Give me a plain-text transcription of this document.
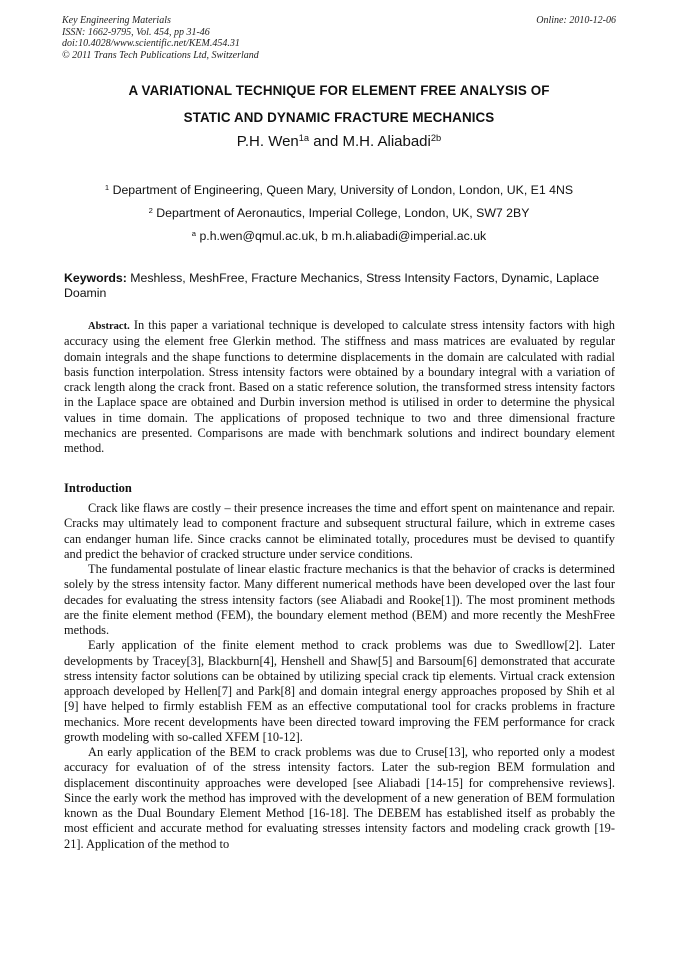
Key Engineering Materials
ISSN: 1662-9795, Vol. 454, pp 31-46
doi:10.4028/www.scientific.net/KEM.454.31
© 2011 Trans Tech Publications Ltd, Switzerland
Online: 2010-12-06
A VARIATIONAL TECHNIQUE FOR ELEMENT FREE ANALYSIS OF
STATIC AND DYNAMIC FRACTURE MECHANICS
P.H. Wen$^{1a}$ and M.H. Aliabadi$^{2b}$
$^1$ Department of Engineering, Queen Mary, University of London, London, UK, E1 4NS
$^2$ Department of Aeronautics, Imperial College, London, UK, SW7 2BY
$^a$ p.h.wen@qmul.ac.uk, b m.h.aliabadi@imperial.ac.uk
Keywords: Meshless, MeshFree, Fracture Mechanics, Stress Intensity Factors, Dynamic, Laplace Doamin
Abstract. In this paper a variational technique is developed to calculate stress intensity factors with high accuracy using the element free Glerkin method. The stiffness and mass matrices are evaluated by regular domain integrals and the shape functions to determine displacements in the domain are calculated with radial basis function interpolation. Stress intensity factors were obtained by a boundary integral with a variation of crack length along the crack front. Based on a static reference solution, the transformed stress intensity factors in the Laplace space are obtained and Durbin inversion method is utilised in order to determine the physical values in time domain. The applications of proposed technique to two and three dimensional fracture mechanics are presented. Comparisons are made with benchmark solutions and indirect boundary element method.
Introduction

Crack like flaws are costly – their presence increases the time and effort spent on maintenance and repair. Cracks may ultimately lead to component fracture and subsequent structural failure, which in extreme cases can endanger human life. Since cracks cannot be eliminated totally, procedures must be devised to quantify and predict the behavior of cracked structure under service conditions.

The fundamental postulate of linear elastic fracture mechanics is that the behavior of cracks is determined solely by the stress intensity factor. Many different numerical methods have been developed over the last four decades for evaluating the stress intensity factors (see Aliabadi and Rooke[1]). The most prominent methods are the finite element method (FEM), the boundary element method (BEM) and more recently the MeshFree methods.

Early application of the finite element method to crack problems was due to Swedllow[2]. Later developments by Tracey[3], Blackburn[4], Henshell and Shaw[5] and Barsoum[6] demonstrated that accurate stress intensity factor solutions can be obtained by utilizing special crack tip elements. Virtual crack extension approach developed by Hellen[7] and Park[8] and domain integral energy approaches proposed by Shih et al [9] have helped to firmly establish FEM as an effective computational tool for cracks problems in fracture mechanics. More recent developments have been directed toward improving the FEM performance for crack growth modeling with so-called XFEM [10-12].

An early application of the BEM to crack problems was due to Cruse[13], who reported only a modest accuracy for evaluation of of the stress intensity factors. Later the sub-region BEM formulation and displacement discontinuity approaches were developed [see Aliabadi [14-15] for comprehensive reviews]. Since the early work the method has improved with the development of a new generation of BEM formulation known as the Dual Boundary Element Method [16-18]. The DEBEM has established itself as probably the most efficient and accurate method for evaluating stresses intensity factors and modeling crack growth [19-21]. Application of the method to
